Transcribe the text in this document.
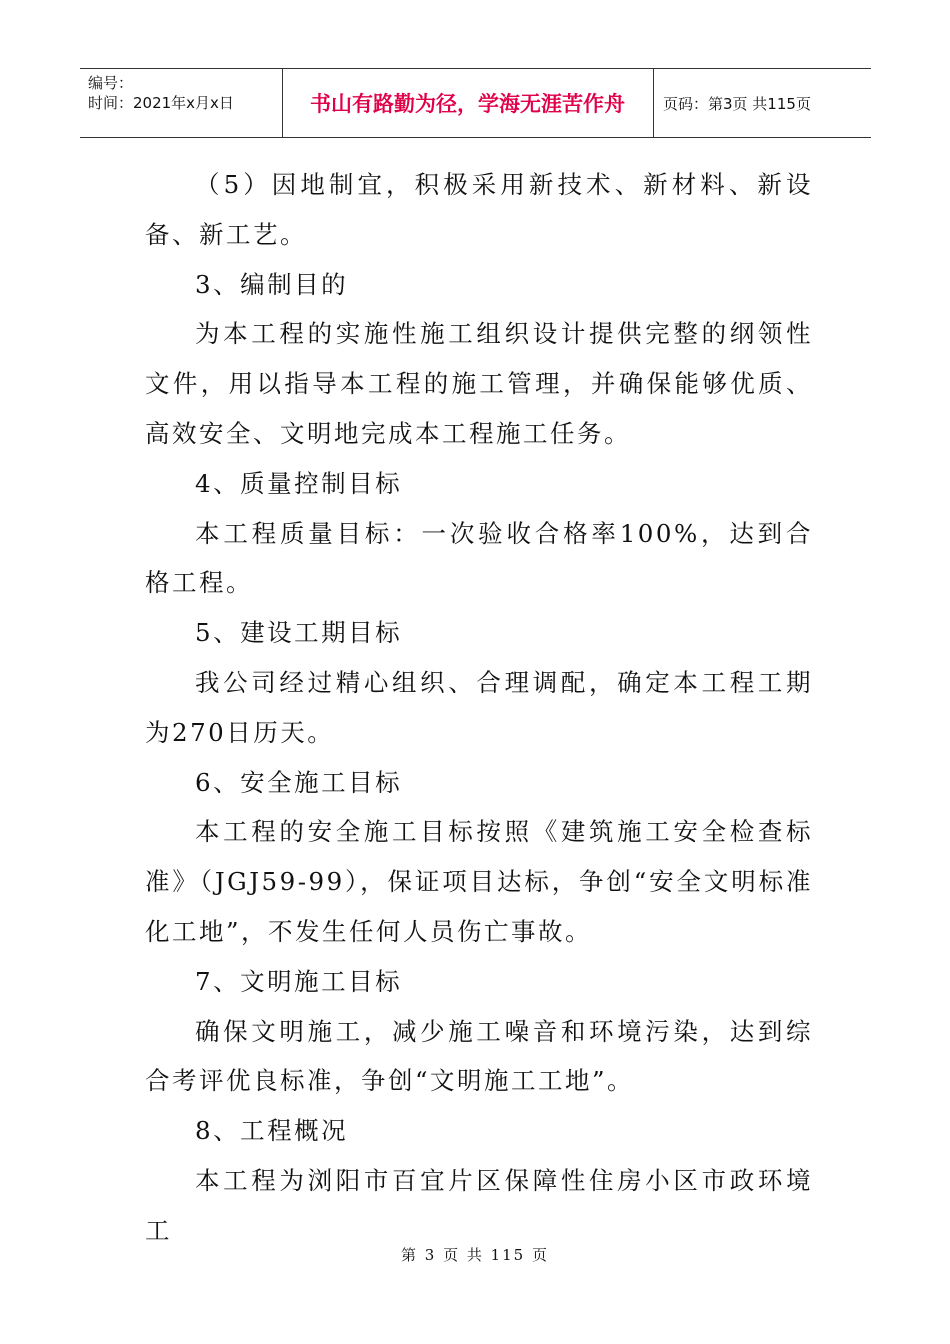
编号：
时间：2021年x月x日	书山有路勤为径，学海无涯苦作舟	页码：第3页 共115页

（5）因地制宜，积极采用新技术、新材料、新设备、新工艺。

3、编制目的

为本工程的实施性施工组织设计提供完整的纲领性文件，用以指导本工程的施工管理，并确保能够优质、高效安全、文明地完成本工程施工任务。

4、质量控制目标

本工程质量目标：一次验收合格率100%，达到合格工程。

5、建设工期目标

我公司经过精心组织、合理调配，确定本工程工期为270日历天。

6、安全施工目标

本工程的安全施工目标按照《建筑施工安全检查标准》（JGJ59-99），保证项目达标，争创“安全文明标准化工地”，不发生任何人员伤亡事故。

7、文明施工目标

确保文明施工，减少施工噪音和环境污染，达到综合考评优良标准，争创“文明施工工地”。

8、工程概况

本工程为浏阳市百宜片区保障性住房小区市政环境工

第 3 页 共 115 页
